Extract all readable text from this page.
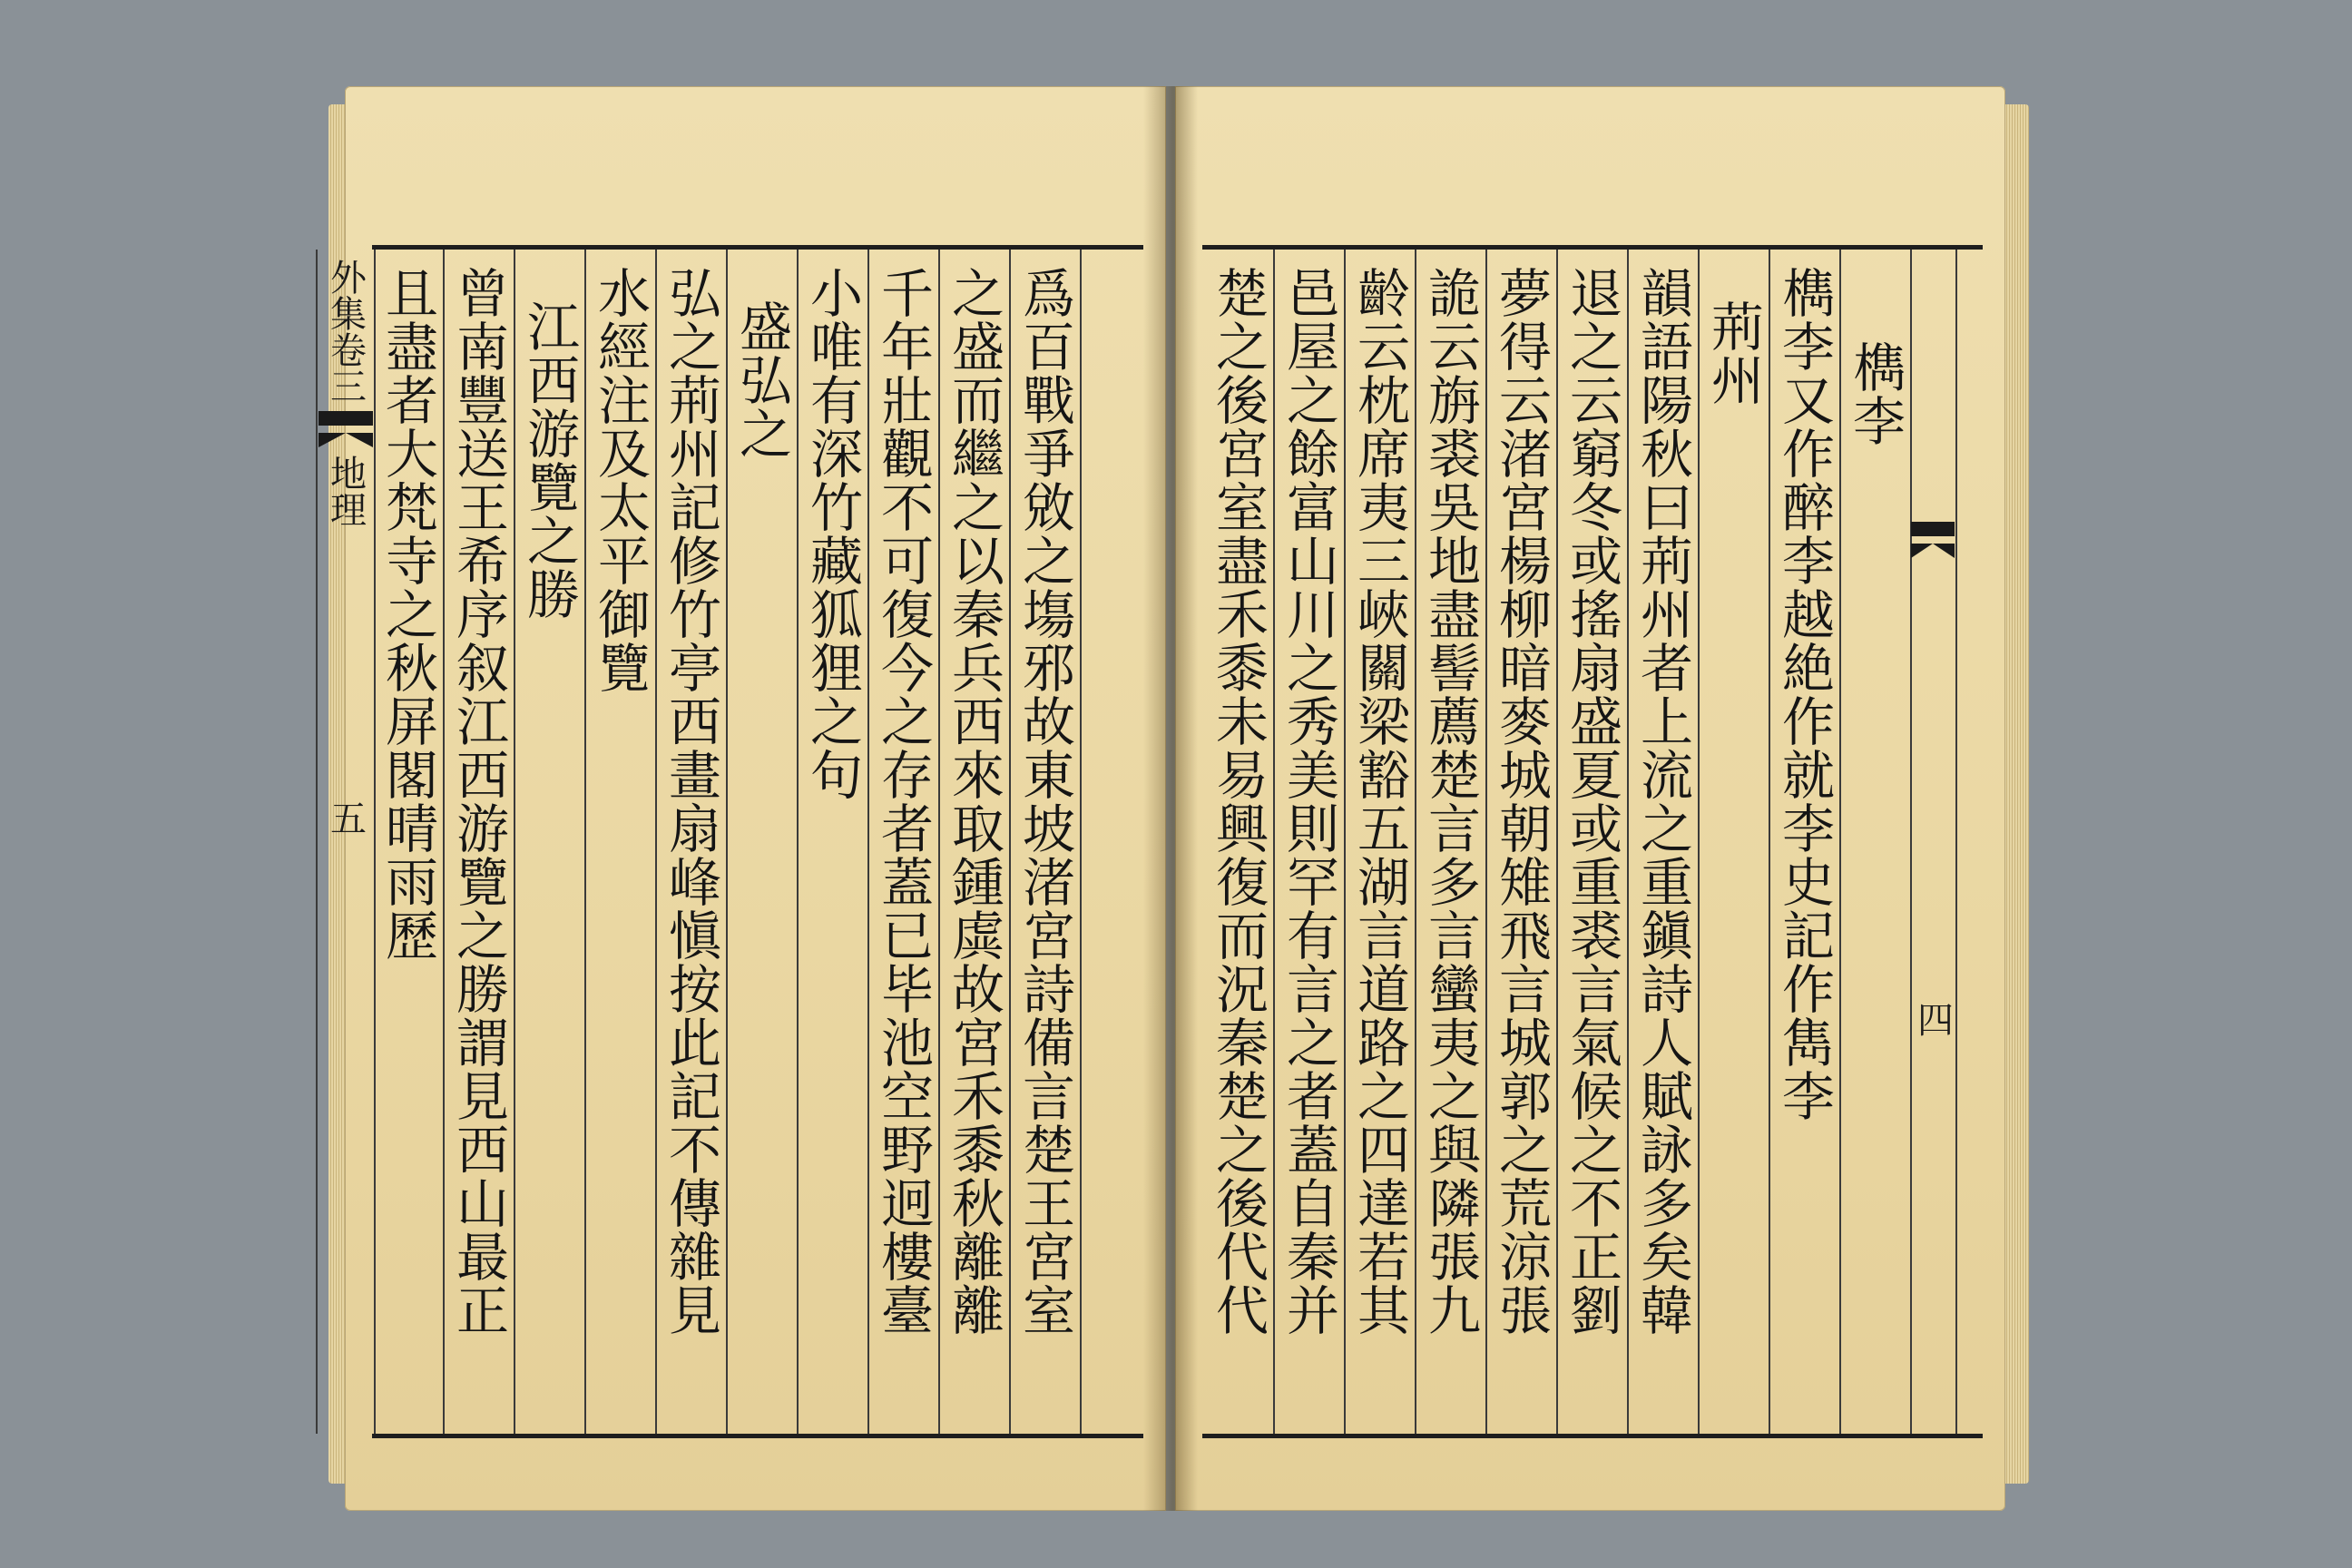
且盡者大梵寺之秋屏閣晴雨歷 曾南豐送王希序叙江西游覽之勝謂見西山最正 江西游覽之勝 水經注及太平御覽 弘之荊州記修竹亭西畫扇峰愼按此記不傳雜見 盛弘之 小唯有深竹藏狐狸之句 千年壯觀不可復今之存者蓋已毕池空野迥樓臺 之盛而繼之以秦兵西來取鍾虡故宮禾黍秋離離 爲百戰爭敓之塲邪故東坡渚宮詩備言楚王宮室
外集卷三
地理
五	楚之後宮室盡禾黍未易興復而況秦楚之後代代 邑屋之餘富山川之秀美則罕有言之者蓋自秦并 齡云枕席夷三峽關梁豁五湖言道路之四達若其 詭云旃裘吳地盡髻薦楚言多言蠻夷之與隣張九 夢得云渚宮楊柳暗麥城朝雉飛言城郭之荒涼張 退之云窮冬或搖扇盛夏或重裘言氣候之不正劉 韻語陽秋曰荊州者上流之重鎭詩人賦詠多矣韓 荊州 檇李又作醉李越絶作就李史記作雋李 檇李
四
